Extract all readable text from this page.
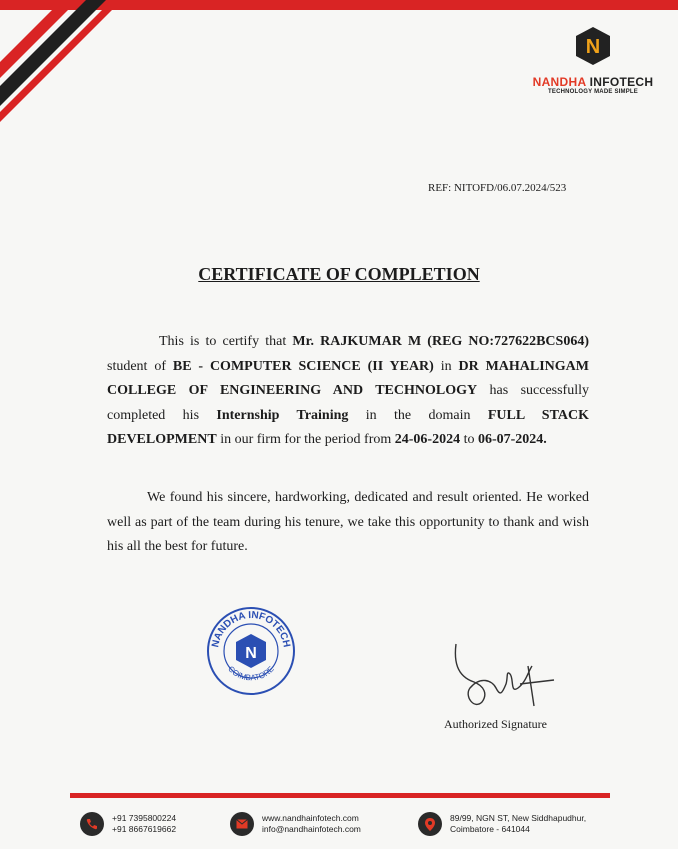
N
NANDHA INFOTECH
TECHNOLOGY MADE SIMPLE
REF: NITOFD/06.07.2024/523
CERTIFICATE OF COMPLETION
This is to certify that Mr. RAJKUMAR M (REG NO:727622BCS064) student of BE - COMPUTER SCIENCE (II YEAR) in DR MAHALINGAM COLLEGE OF ENGINEERING AND TECHNOLOGY has successfully completed his Internship Training in the domain FULL STACK DEVELOPMENT in our firm for the period from 24-06-2024 to 06-07-2024.
We found his sincere, hardworking, dedicated and result oriented. He worked well as part of the team during his tenure, we take this opportunity to thank and wish his all the best for future.
NANDHA INFOTECH
COIMBATORE
N
Authorized Signature
+91 7395800224
+91 8667619662
www.nandhainfotech.com
info@nandhainfotech.com
89/99, NGN ST, New Siddhapudhur,
Coimbatore - 641044
